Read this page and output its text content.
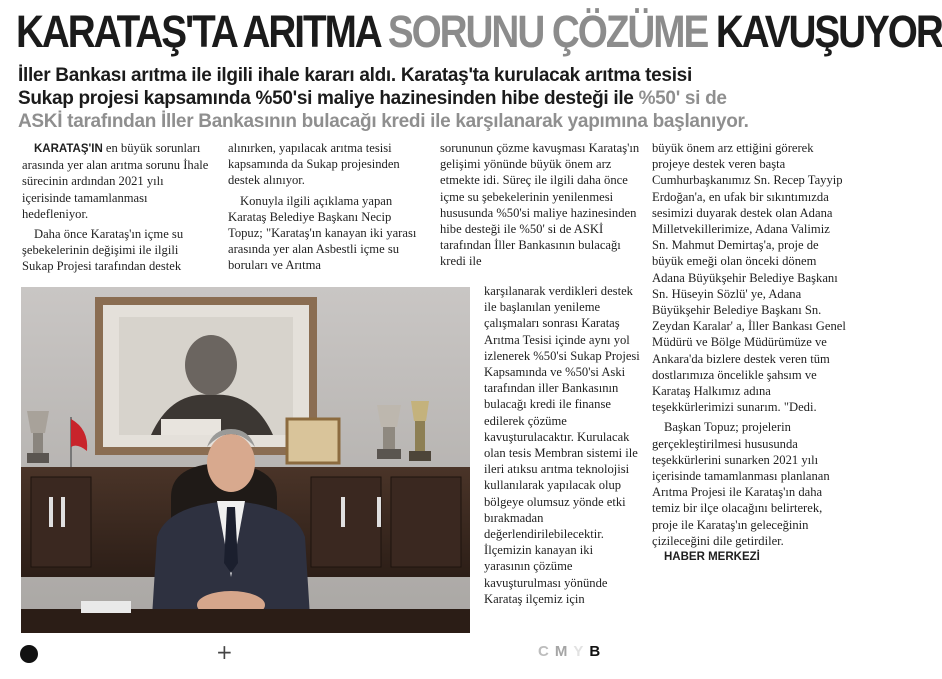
KARATAŞ'TA ARITMA SORUNU ÇÖZÜME KAVUŞUYOR
İller Bankası arıtma ile ilgili ihale kararı aldı. Karataş'ta kurulacak arıtma tesisi
Sukap projesi kapsamında %50'si maliye hazinesinden hibe desteği ile %50' si de
ASKİ tarafından İller Bankasının bulacağı kredi ile karşılanarak yapımına başlanıyor.

KARATAŞ'IN en büyük sorunları arasında yer alan arıtma sorunu İhale sürecinin ardından 2021 yılı içerisinde tamamlanması hedefleniyor.

Daha önce Karataş'ın içme su şebekelerinin değişimi ile ilgili Sukap Projesi tarafından destek

alınırken, yapılacak arıtma tesisi kapsamında da Sukap projesinden destek alınıyor.

Konuyla ilgili açıklama yapan Karataş Belediye Başkanı Necip Topuz; "Karataş'ın kanayan iki yarası arasında yer alan Asbestli içme su boruları ve Arıtma

sorununun çözme kavuşması Karataş'ın gelişimi yönünde büyük önem arz etmekte idi. Süreç ile ilgili daha önce içme su şebekelerinin yenilenmesi hususunda %50'si maliye hazinesinden hibe desteği ile %50' si de ASKİ tarafından İller Bankasının bulacağı kredi ile

karşılanarak verdikleri destek ile başlanılan yenileme çalışmaları sonrası Karataş Arıtma Tesisi içinde aynı yol izlenerek %50'si Sukap Projesi Kapsamında ve %50'si Aski tarafından iller Bankasının bulacağı kredi ile finanse edilerek çözüme kavuşturulacaktır. Kurulacak olan tesis Membran sistemi ile ileri atıksu arıtma teknolojisi kullanılarak yapılacak olup bölgeye olumsuz yönde etki bırakmadan değerlendirilebilecektir. İlçemizin kanayan iki yarasının çözüme kavuşturulması yönünde Karataş ilçemiz için

büyük önem arz ettiğini görerek projeye destek veren başta Cumhurbaşkanımız Sn. Recep Tayyip Erdoğan'a, en ufak bir sıkıntımızda sesimizi duyarak destek olan Adana Milletvekillerimize, Adana Valimiz Sn. Mahmut Demirtaş'a, proje de büyük emeği olan önceki dönem Adana Büyükşehir Belediye Başkanı Sn. Hüseyin Sözlü' ye, Adana Büyükşehir Belediye Başkanı Sn. Zeydan Karalar' a, İller Bankası Genel Müdürü ve Bölge Müdürümüze ve Ankara'da bizlere destek veren tüm dostlarımıza öncelikle şahsım ve Karataş Halkımız adına teşekkürlerimizi sunarım. "Dedi.

Başkan Topuz; projelerin gerçekleştirilmesi hususunda teşekkürlerini sunarken 2021 yılı içerisinde tamamlanması planlanan Arıtma Projesi ile Karataş'ın daha temiz bir ilçe olacağını belirterek, proje ile Karataş'ın geleceğinin çizileceğini dile getirdiler.

HABER MERKEZİ

+	CMYB
